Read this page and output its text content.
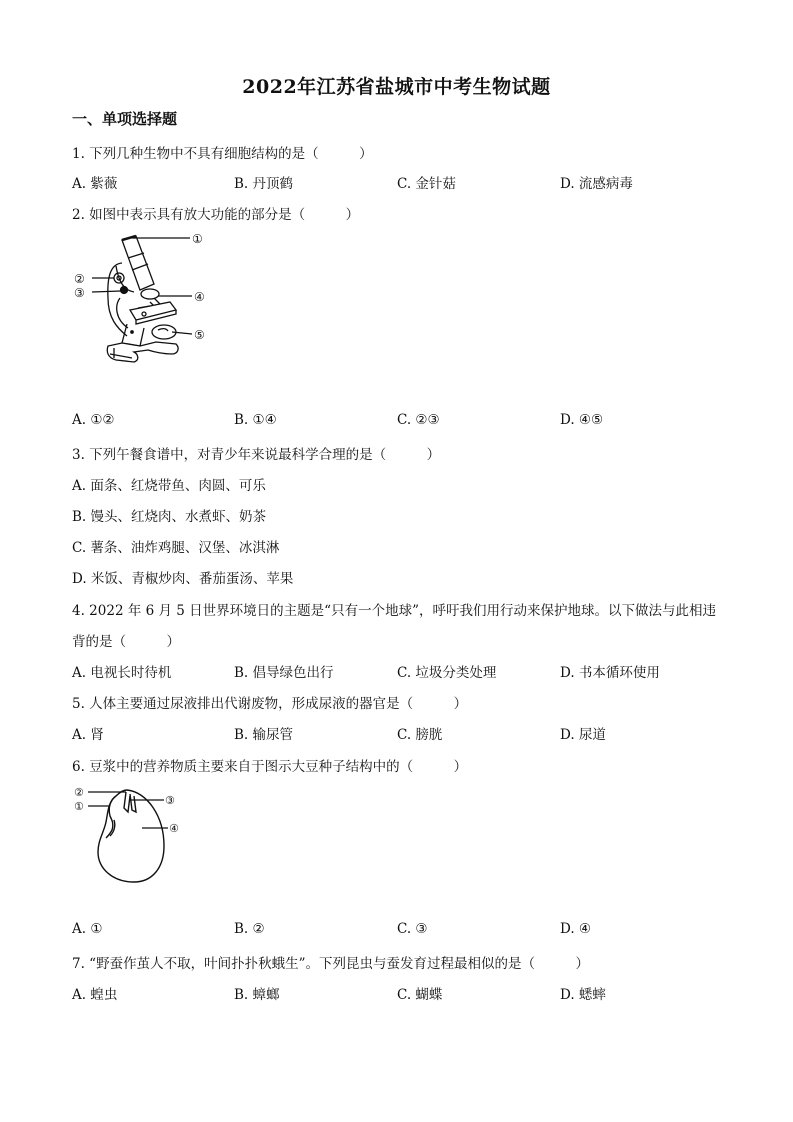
2022年江苏省盐城市中考生物试题
一、单项选择题
1. 下列几种生物中不具有细胞结构的是（　　　）
A. 紫薇	B. 丹顶鹤	C. 金针菇	D. 流感病毒
2. 如图中表示具有放大功能的部分是（　　　）
①
②
③	④
⑤
A. ①②	B. ①④	C. ②③	D. ④⑤
3. 下列午餐食谱中，对青少年来说最科学合理的是（　　　）
A. 面条、红烧带鱼、肉圆、可乐
B. 馒头、红烧肉、水煮虾、奶茶
C. 薯条、油炸鸡腿、汉堡、冰淇淋
D. 米饭、青椒炒肉、番茄蛋汤、苹果
4. 2022 年 6 月 5 日世界环境日的主题是“只有一个地球”，呼吁我们用行动来保护地球。以下做法与此相违
背的是（　　　）
A. 电视长时待机	B. 倡导绿色出行	C. 垃圾分类处理	D. 书本循环使用
5. 人体主要通过尿液排出代谢废物，形成尿液的器官是（　　　）
A. 肾	B. 输尿管	C. 膀胱	D. 尿道
6. 豆浆中的营养物质主要来自于图示大豆种子结构中的（　　　）
②
①	③
④
A. ①	B. ②	C. ③	D. ④
7. “野蚕作茧人不取，叶间扑扑秋蛾生”。下列昆虫与蚕发育过程最相似的是（　　　）
A. 蝗虫	B. 蟑螂	C. 蝴蝶	D. 蟋蟀
